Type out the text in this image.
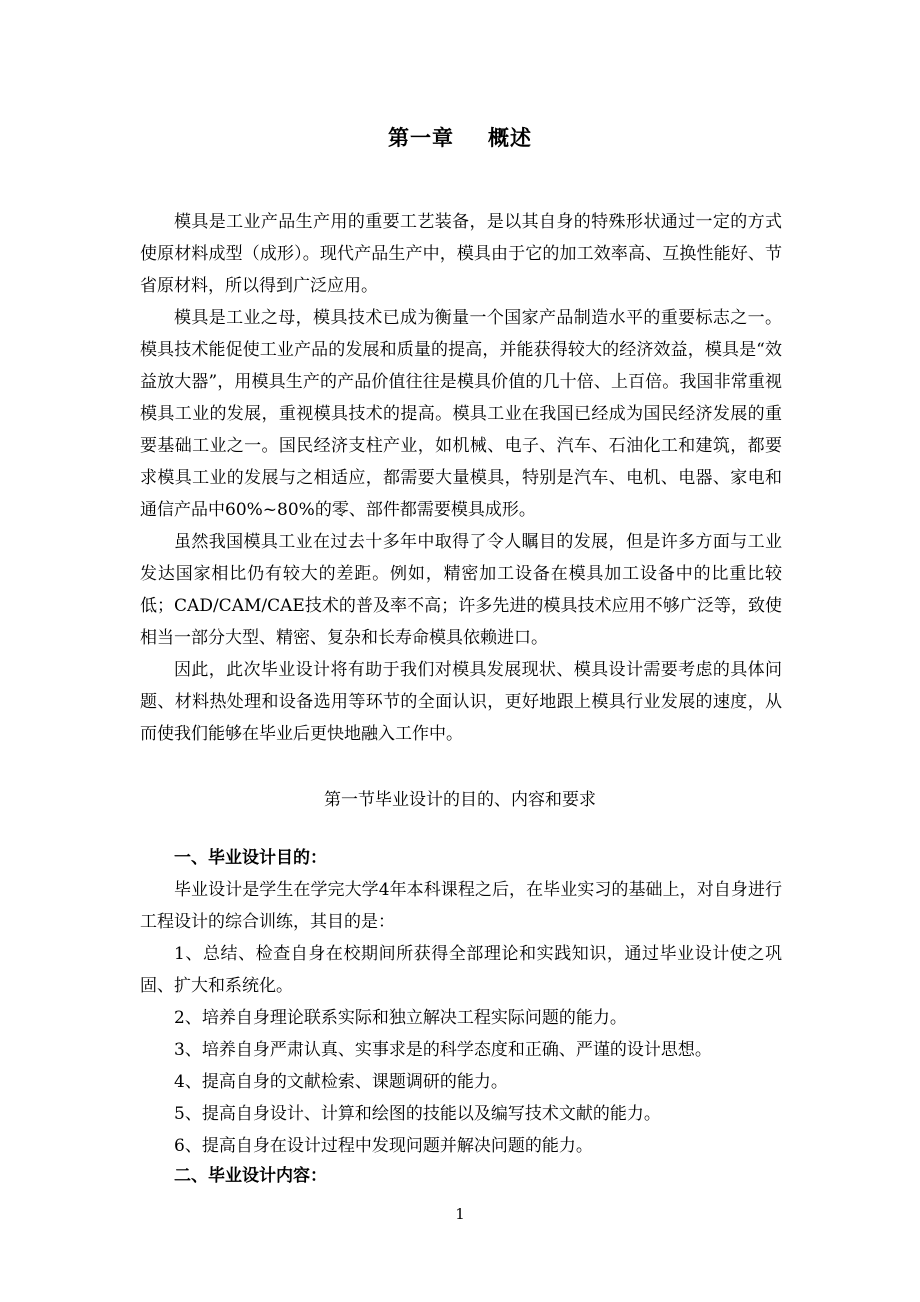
第一章 概述

模具是工业产品生产用的重要工艺装备，是以其自身的特殊形状通过一定的方式使原材料成型（成形）。现代产品生产中，模具由于它的加工效率高、互换性能好、节省原材料，所以得到广泛应用。

模具是工业之母，模具技术已成为衡量一个国家产品制造水平的重要标志之一。模具技术能促使工业产品的发展和质量的提高，并能获得较大的经济效益，模具是“效益放大器”，用模具生产的产品价值往往是模具价值的几十倍、上百倍。我国非常重视模具工业的发展，重视模具技术的提高。模具工业在我国已经成为国民经济发展的重要基础工业之一。国民经济支柱产业，如机械、电子、汽车、石油化工和建筑，都要求模具工业的发展与之相适应，都需要大量模具，特别是汽车、电机、电器、家电和通信产品中60%~80%的零、部件都需要模具成形。

虽然我国模具工业在过去十多年中取得了令人瞩目的发展，但是许多方面与工业发达国家相比仍有较大的差距。例如，精密加工设备在模具加工设备中的比重比较低；CAD/CAM/CAE技术的普及率不高；许多先进的模具技术应用不够广泛等，致使相当一部分大型、精密、复杂和长寿命模具依赖进口。

因此，此次毕业设计将有助于我们对模具发展现状、模具设计需要考虑的具体问题、材料热处理和设备选用等环节的全面认识，更好地跟上模具行业发展的速度，从而使我们能够在毕业后更快地融入工作中。

第一节毕业设计的目的、内容和要求
一、毕业设计目的：
毕业设计是学生在学完大学4年本科课程之后，在毕业实习的基础上，对自身进行工程设计的综合训练，其目的是：
1、总结、检查自身在校期间所获得全部理论和实践知识，通过毕业设计使之巩固、扩大和系统化。
2、培养自身理论联系实际和独立解决工程实际问题的能力。
3、培养自身严肃认真、实事求是的科学态度和正确、严谨的设计思想。
4、提高自身的文献检索、课题调研的能力。
5、提高自身设计、计算和绘图的技能以及编写技术文献的能力。
6、提高自身在设计过程中发现问题并解决问题的能力。
二、毕业设计内容：
1
